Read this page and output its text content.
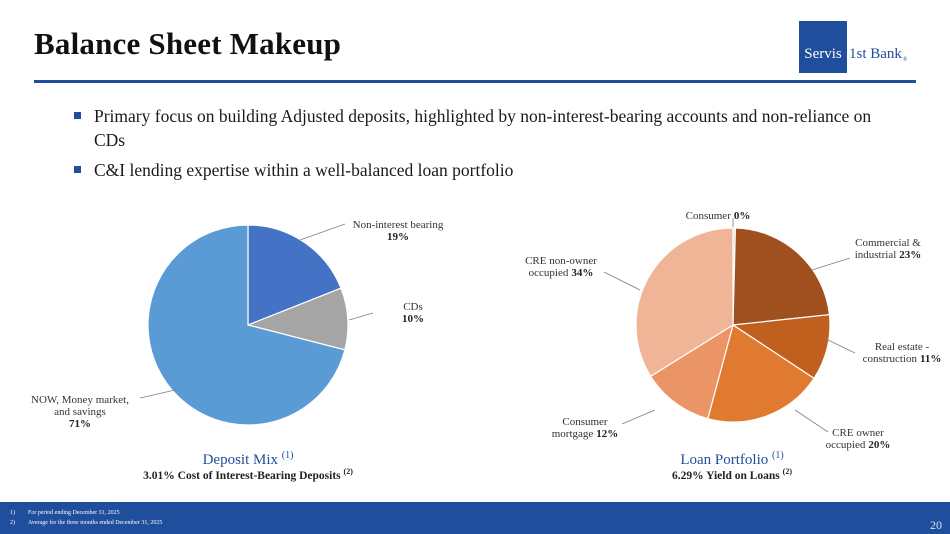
Balance Sheet Makeup	Servis 1st Bank$_®$
Primary focus on building Adjusted deposits, highlighted by non-interest-bearing accounts and non-reliance on CDs
C&I lending expertise within a well-balanced loan portfolio
Non-interest bearing 19%
CDs 10%
NOW, Money market, and savings 71%
Consumer 0%
Commercial & industrial 23%
Real estate -construction 11%
CRE owner occupied 20%
Consumer mortgage 12%
CRE non-owner occupied 34%
Deposit Mix $^{(1)}$
3.01% Cost of Interest-Bearing Deposits $^{(2)}$
Loan Portfolio $^{(1)}$
6.29% Yield on Loans $^{(2)}$
1) For period ending December 31, 2025
2) Average for the three months ended December 31, 2025	20
